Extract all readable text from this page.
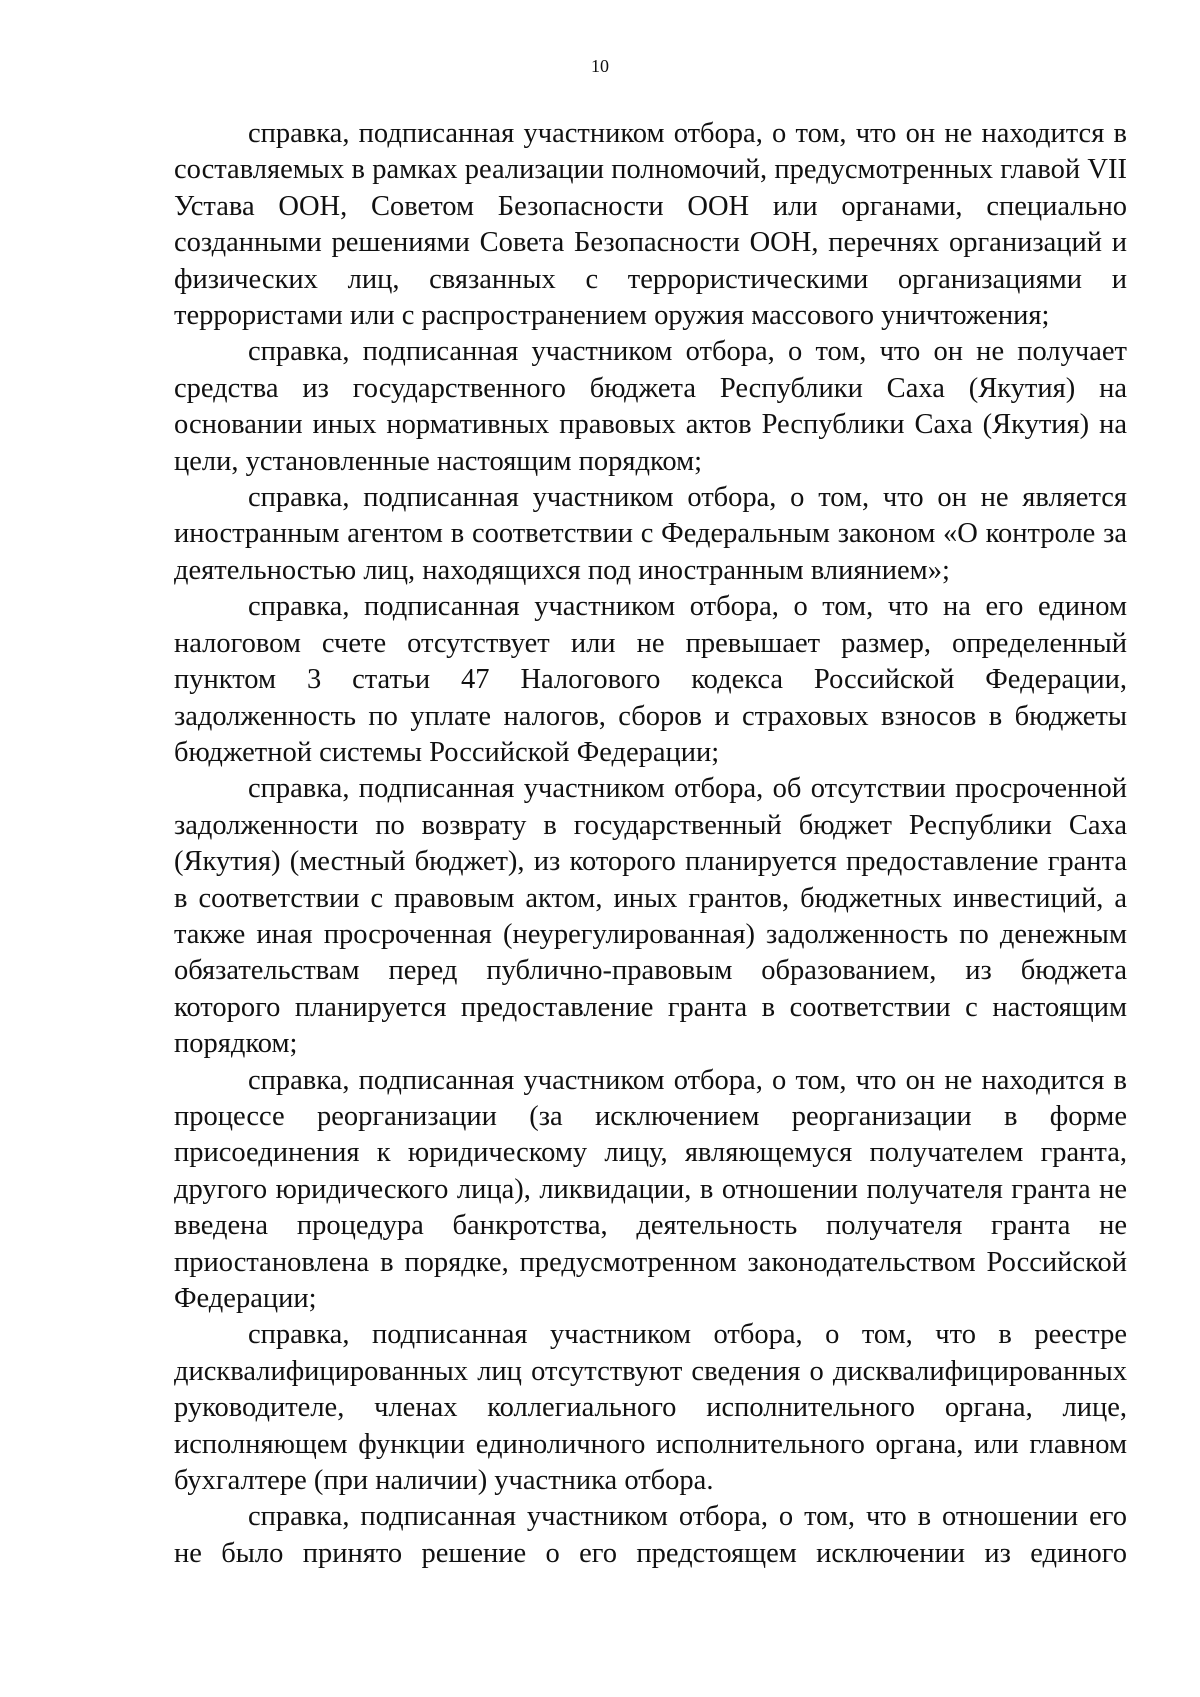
10

справка, подписанная участником отбора, о том, что он не находится в составляемых в рамках реализации полномочий, предусмотренных главой VII Устава ООН, Советом Безопасности ООН или органами, специально созданными решениями Совета Безопасности ООН, перечнях организаций и физических лиц, связанных с террористическими организациями и террористами или с распространением оружия массового уничтожения;

справка, подписанная участником отбора, о том, что он не получает средства из государственного бюджета Республики Саха (Якутия) на основании иных нормативных правовых актов Республики Саха (Якутия) на цели, установленные настоящим порядком;

справка, подписанная участником отбора, о том, что он не является иностранным агентом в соответствии с Федеральным законом «О контроле за деятельностью лиц, находящихся под иностранным влиянием»;

справка, подписанная участником отбора, о том, что на его едином налоговом счете отсутствует или не превышает размер, определенный пунктом 3 статьи 47 Налогового кодекса Российской Федерации, задолженность по уплате налогов, сборов и страховых взносов в бюджеты бюджетной системы Российской Федерации;

справка, подписанная участником отбора, об отсутствии просроченной задолженности по возврату в государственный бюджет Республики Саха (Якутия) (местный бюджет), из которого планируется предоставление гранта в соответствии с правовым актом, иных грантов, бюджетных инвестиций, а также иная просроченная (неурегулированная) задолженность по денежным обязательствам перед публично-правовым образованием, из бюджета которого планируется предоставление гранта в соответствии с настоящим порядком;

справка, подписанная участником отбора, о том, что он не находится в процессе реорганизации (за исключением реорганизации в форме присоединения к юридическому лицу, являющемуся получателем гранта, другого юридического лица), ликвидации, в отношении получателя гранта не введена процедура банкротства, деятельность получателя гранта не приостановлена в порядке, предусмотренном законодательством Российской Федерации;

справка, подписанная участником отбора, о том, что в реестре дисквалифицированных лиц отсутствуют сведения о дисквалифицированных руководителе, членах коллегиального исполнительного органа, лице, исполняющем функции единоличного исполнительного органа, или главном бухгалтере (при наличии) участника отбора.

справка, подписанная участником отбора, о том, что в отношении его не было принято решение о его предстоящем исключении из единого
